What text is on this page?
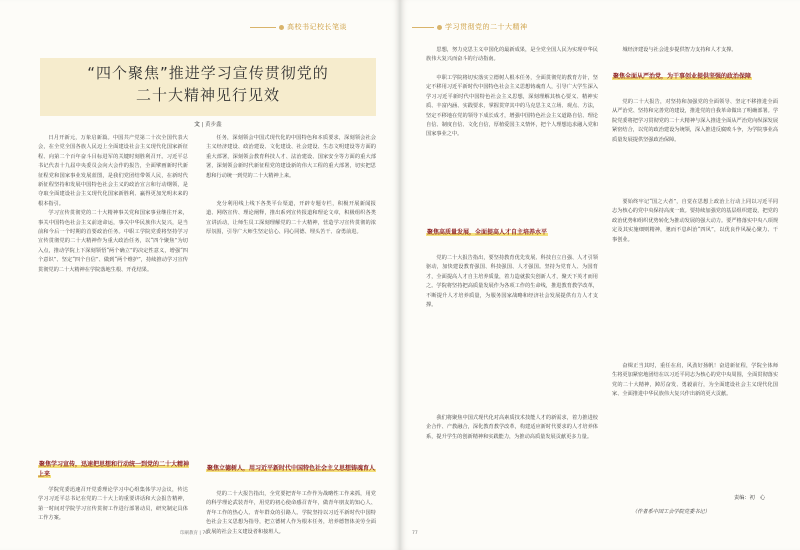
高校书记校长笔谈
“四个聚焦”推进学习宣传贯彻党的
二十大精神见行见效
文 | 黄步鑫

日月开新元，万象启新篇。中国共产党第二十次全国代表大会，在全党全国各族人民迈上全面建设社会主义现代化国家新征程、向第二个百年奋斗目标进军的关键时刻胜利召开。习近平总书记代表十九届中央委员会向大会作的报告，全面擘画新时代新征程党和国家事业发展蓝图，是我们党团结带领人民，在新时代新征程坚持和发展中国特色社会主义的政治宣言和行动纲领，是夺取全面建设社会主义现代化国家新胜利、赢得更加光明未来的根本指引。

学习宣传贯彻党的二十大精神事关党和国家事业继往开来，事关中国特色社会主义前途命运，事关中华民族伟大复兴，是当前和今后一个时期的首要政治任务。中职工学院党委将坚持学习宣传贯彻党的二十大精神作为重大政治任务，以“四个聚焦”为切入点，推动学院上下深刻领悟“两个确立”的决定性意义，增强“四个意识”、坚定“四个自信”、做到“两个维护”，持续推动学习宣传贯彻党的二十大精神在学院落地生根、开花结果。

聚焦学习宣传，迅速把思想和行动统一到党的二十大精神上来

学院党委迅速召开党委理论学习中心组集体学习会议，传达学习习近平总书记在党的二十大上的重要讲话和大会报告精神，第一时间对学院学习宣传贯彻工作进行部署动员，研究制定具体工作方案。

任务，深刻领会中国式现代化的中国特色和本质要求，深刻领会社会主义经济建设、政治建设、文化建设、社会建设、生态文明建设等方面的重大部署，深刻领会教育科技人才、法治建设、国家安全等方面的重大部署，深刻领会新时代新征程党的建设新的伟大工程的重大部署，切实把思想和行动统一到党的二十大精神上来。

充分利用线上线下各类平台渠道，开辟专题专栏，积极开展新闻报道、网络宣传、理论阐释，推出系列宣传报道和理论文章，积极组织各类宣讲活动，让师生员工深刻理解党的二十大精神，营造学习宣传贯彻的浓厚氛围，引导广大师生坚定信心、同心同德、埋头苦干、奋勇前进。

聚焦立德树人，用习近平新时代中国特色社会主义思想铸魂育人

党的二十大报告指出，全党要把青年工作作为战略性工作来抓，用党的科学理论武装青年，用党的初心使命感召青年，做青年朋友的知心人、青年工作的热心人、青年群众的引路人。学院坚持以习近平新时代中国特色社会主义思想为指导，把立德树人作为根本任务，培养德智体美劳全面发展的社会主义建设者和接班人。

印刷教育 | 76
学习贯彻党的二十大精神

思想，努力克思主义中国化的最新成果，是全党全国人民为实现中华民族伟大复兴而奋斗的行动指南。

中职工学院将切实落实立德树人根本任务，全面贯彻党的教育方针，坚定不移用习近平新时代中国特色社会主义思想铸魂育人，引导广大学生深入学习习近平新时代中国特色社会主义思想，深刻理解其核心要义、精神实质、丰富内涵、实践要求，掌握贯穿其中的马克思主义立场、观点、方法，坚定不移地在党的领导下成长成才，增强中国特色社会主义道路自信、理论自信、制度自信、文化自信，厚植爱国主义情怀，把个人理想追求融入党和国家事业之中。

聚焦高质量发展，全面提高人才自主培养水平

党的二十大报告指出，要坚持教育优先发展、科技自立自强、人才引领驱动，加快建设教育强国、科技强国、人才强国。坚持为党育人、为国育才，全面提高人才自主培养质量，着力造就拔尖创新人才，聚天下英才而用之。学院将坚持把高质量发展作为各项工作的生命线，推进教育教学改革，不断提升人才培养质量，为服务国家战略和经济社会发展提供有力人才支撑。

我们将聚焦中国式现代化对高素质技术技能人才的新需求，着力推进校企合作、产教融合，深化教育教学改革，构建适应新时代要求的人才培养体系，提升学生的创新精神和实践能力，为推动高质量发展贡献更多力量。

城经济建设与社会进步提供智力支持和人才支撑。

聚焦全面从严治党，为干事创业提供坚强的政治保障

党的二十大报告，对坚持和加强党的全面领导、坚定不移推进全面从严治党、坚持和完善党的建设，推进党的自我革命做出了明确部署。学院党委将把学习贯彻党的二十大精神与深入推进全面从严治党向纵深发展紧密结合，以党的政治建设为统领，深入推进反腐败斗争，为学院事业高质量发展提供坚强政治保障。

要始终牢记“国之大者”，自觉在思想上政治上行动上同以习近平同志为核心的党中央保持高度一致。要持续加强党的基层组织建设，把党的政治优势和组织优势转化为推动发展的强大动力。要严格落实中央八项规定及其实施细则精神，驰而不息纠治“四风”，以优良作风凝心聚力、干事创业。

奋楫正当其时，重任在肩，风劲好扬帆！奋进新征程，学院全体师生将更加紧密地团结在以习近平同志为核心的党中央周围，全面贯彻落实党的二十大精神，踔厉奋发、勇毅前行，为全面建设社会主义现代化国家、全面推进中华民族伟大复兴作出新的更大贡献。

责编：初　心
（作者系中国工会学院党委书记）
77
